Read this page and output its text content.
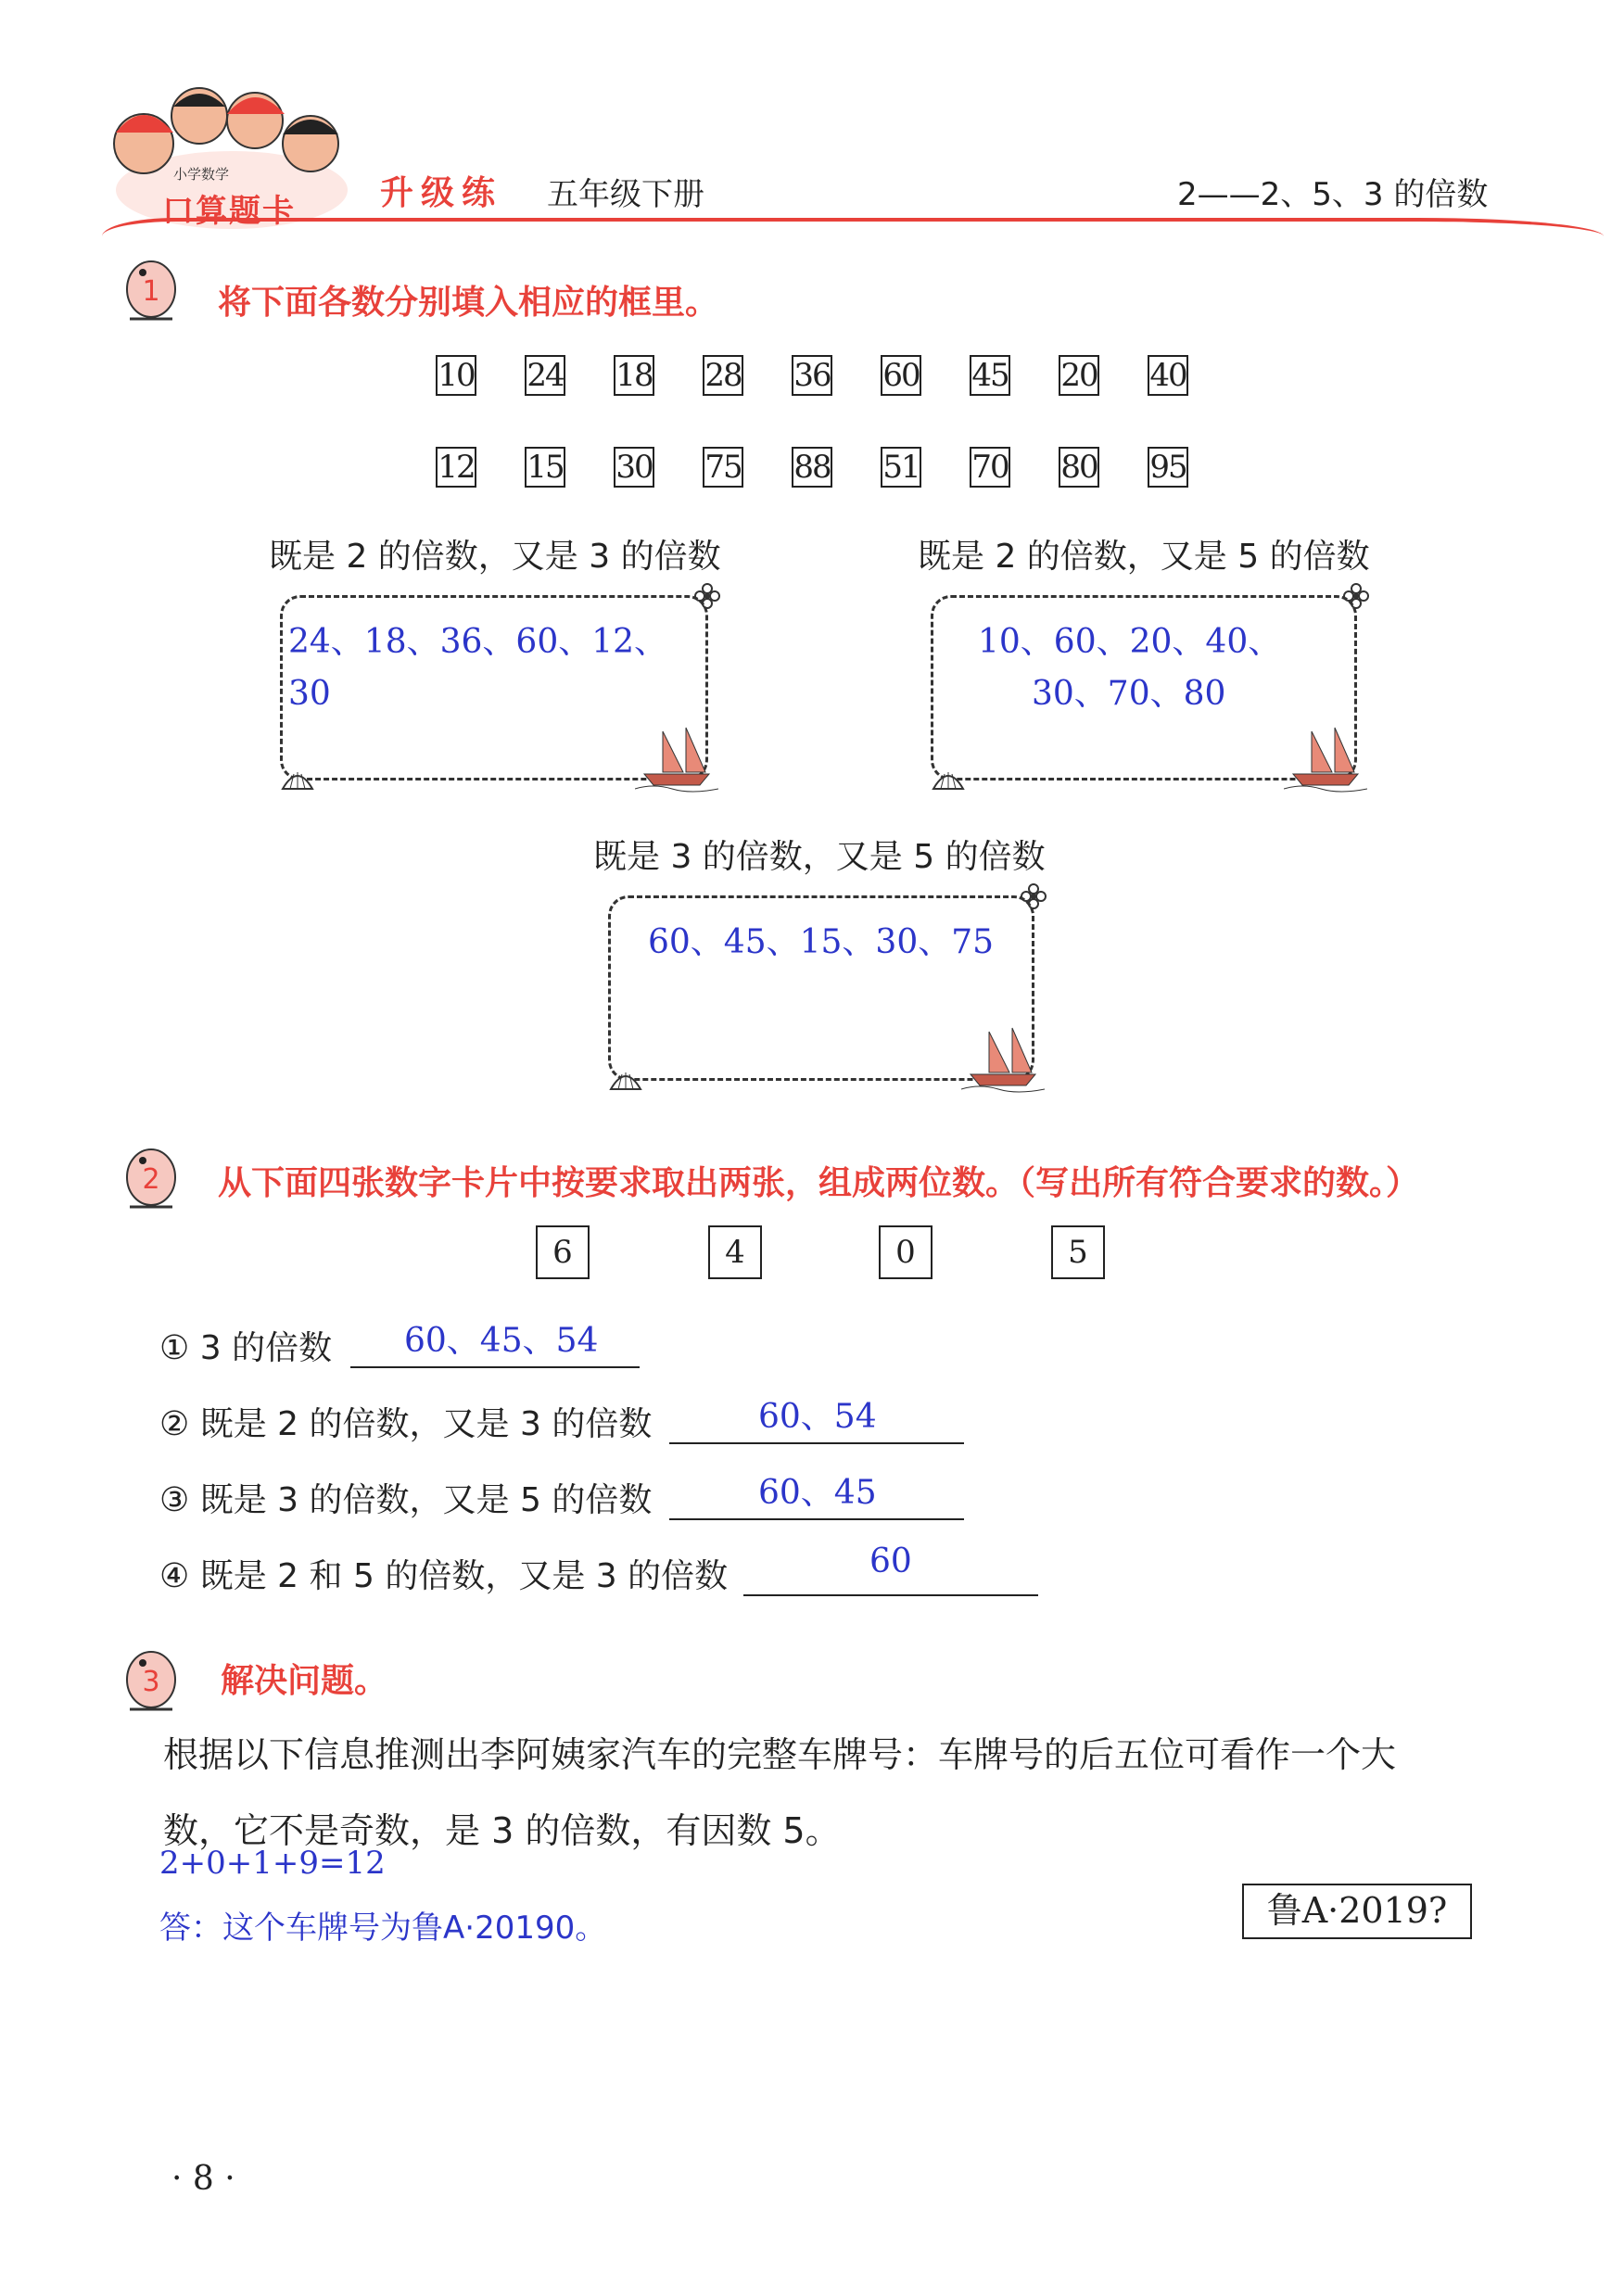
小学数学
口算题卡	升级练 五年级下册	2——2、5、3 的倍数
1 将下面各数分别填入相应的框里。
10 24 18 28 36 60 45 20 40
12 15 30 75 88 51 70 80 95
既是 2 的倍数，又是 3 的倍数
24、18、36、60、12、30
既是 2 的倍数，又是 5 的倍数
10、60、20、40、
30、70、80
既是 3 的倍数，又是 5 的倍数
60、45、15、30、75
2 从下面四张数字卡片中按要求取出两张，组成两位数。（写出所有符合要求的数。）
6	4	0	5
① 3 的倍数 60、45、54
② 既是 2 的倍数，又是 3 的倍数	60、54
③ 既是 3 的倍数，又是 5 的倍数	60、45
④ 既是 2 和 5 的倍数，又是 3 的倍数	60
3 解决问题。
根据以下信息推测出李阿姨家汽车的完整车牌号：车牌号的后五位可看作一个大
数，它不是奇数，是 3 的倍数，有因数 5。
2+0+1+9=12
答：这个车牌号为鲁A·20190。	鲁A·2019?
· 8 ·
